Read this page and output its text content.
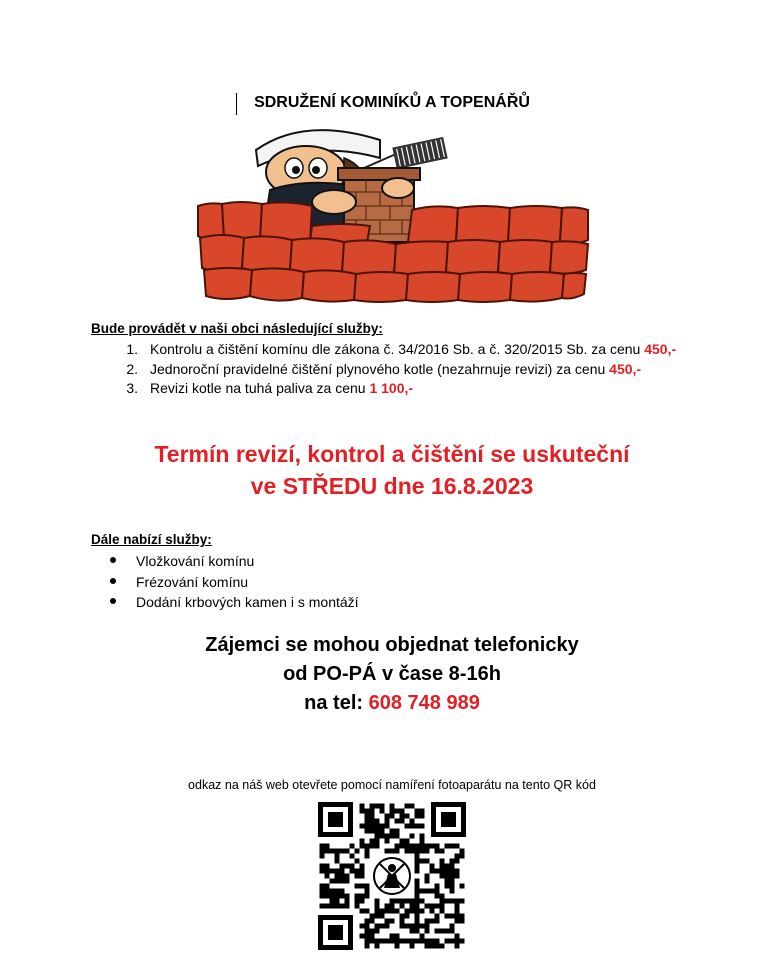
SDRUŽENÍ KOMINÍKŮ A TOPENÁŘŮ
Bude provádět v naši obci následující služby:
1. Kontrolu a čištění komínu dle zákona č. 34/2016 Sb. a č. 320/2015 Sb. za cenu 450,-
2. Jednoroční pravidelné čištění plynového kotle (nezahrnuje revizi) za cenu 450,-
3. Revizi kotle na tuhá paliva za cenu 1 100,-
Termín revizí, kontrol a čištění se uskuteční
ve STŘEDU dne 16.8.2023
Dále nabízí služby:
Vložkování komínu
Frézování komínu
Dodání krbových kamen i s montáží
Zájemci se mohou objednat telefonicky
od PO-PÁ v čase 8-16h
na tel: 608 748 989
odkaz na náš web otevřete pomocí namíření fotoaparátu na tento QR kód
